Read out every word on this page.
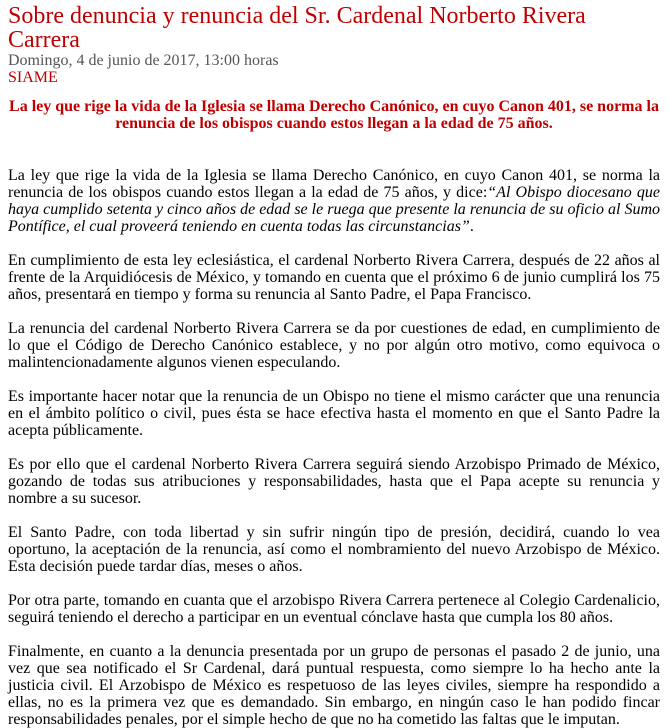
Sobre denuncia y renuncia del Sr. Cardenal Norberto Rivera Carrera
Domingo, 4 de junio de 2017, 13:00 horas
SIAME
La ley que rige la vida de la Iglesia se llama Derecho Canónico, en cuyo Canon 401, se norma la renuncia de los obispos cuando estos llegan a la edad de 75 años.

La ley que rige la vida de la Iglesia se llama Derecho Canónico, en cuyo Canon 401, se norma la renuncia de los obispos cuando estos llegan a la edad de 75 años, y dice:“Al Obispo diocesano que haya cumplido setenta y cinco años de edad se le ruega que presente la renuncia de su oficio al Sumo Pontífice, el cual proveerá teniendo en cuenta todas las circunstancias”.

En cumplimiento de esta ley eclesiástica, el cardenal Norberto Rivera Carrera, después de 22 años al frente de la Arquidiócesis de México, y tomando en cuenta que el próximo 6 de junio cumplirá los 75 años, presentará en tiempo y forma su renuncia al Santo Padre, el Papa Francisco.

La renuncia del cardenal Norberto Rivera Carrera se da por cuestiones de edad, en cumplimiento de lo que el Código de Derecho Canónico establece, y no por algún otro motivo, como equivoca o malintencionadamente algunos vienen especulando.

Es importante hacer notar que la renuncia de un Obispo no tiene el mismo carácter que una renuncia en el ámbito político o civil, pues ésta se hace efectiva hasta el momento en que el Santo Padre la acepta públicamente.

Es por ello que el cardenal Norberto Rivera Carrera seguirá siendo Arzobispo Primado de México, gozando de todas sus atribuciones y responsabilidades, hasta que el Papa acepte su renuncia y nombre a su sucesor.

El Santo Padre, con toda libertad y sin sufrir ningún tipo de presión, decidirá, cuando lo vea oportuno, la aceptación de la renuncia, así como el nombramiento del nuevo Arzobispo de México. Esta decisión puede tardar días, meses o años.

Por otra parte, tomando en cuanta que el arzobispo Rivera Carrera pertenece al Colegio Cardenalicio, seguirá teniendo el derecho a participar en un eventual cónclave hasta que cumpla los 80 años.

Finalmente, en cuanto a la denuncia presentada por un grupo de personas el pasado 2 de junio, una vez que sea notificado el Sr Cardenal, dará puntual respuesta, como siempre lo ha hecho ante la justicia civil. El Arzobispo de México es respetuoso de las leyes civiles, siempre ha respondido a ellas, no es la primera vez que es demandado. Sin embargo, en ningún caso le han podido fincar responsabilidades penales, por el simple hecho de que no ha cometido las faltas que le imputan.
